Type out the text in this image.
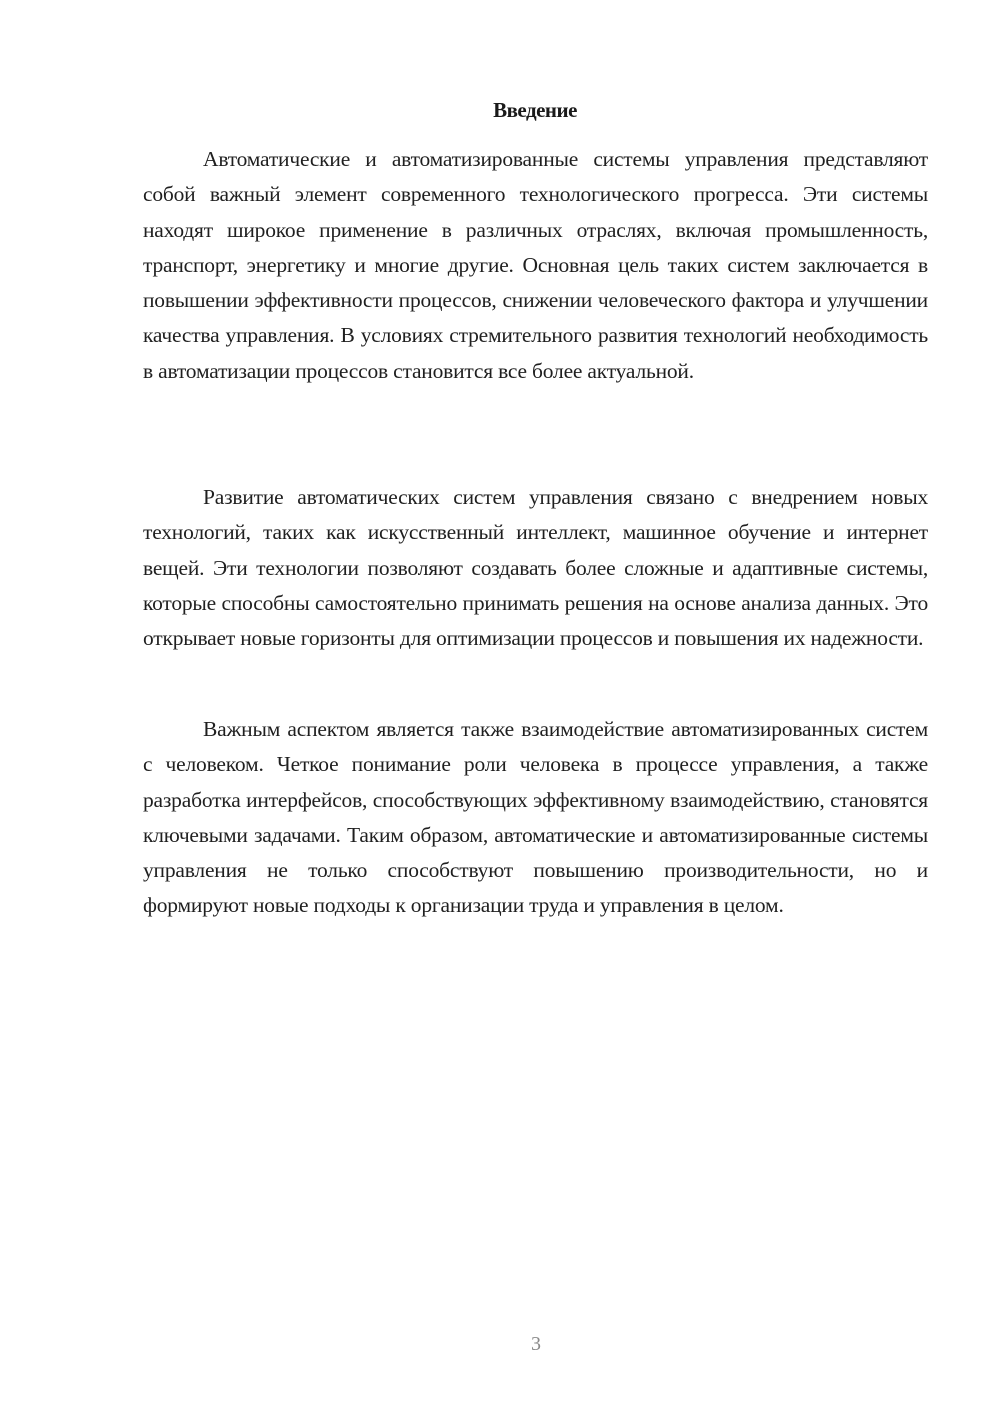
Введение

Автоматические и автоматизированные системы управления представляют собой важный элемент современного технологического прогресса. Эти системы находят широкое применение в различных отраслях, включая промышленность, транспорт, энергетику и многие другие. Основная цель таких систем заключается в повышении эффективности процессов, снижении человеческого фактора и улучшении качества управления. В условиях стремительного развития технологий необходимость в автоматизации процессов становится все более актуальной.

Развитие автоматических систем управления связано с внедрением новых технологий, таких как искусственный интеллект, машинное обучение и интернет вещей. Эти технологии позволяют создавать более сложные и адаптивные системы, которые способны самостоятельно принимать решения на основе анализа данных. Это открывает новые горизонты для оптимизации процессов и повышения их надежности.

Важным аспектом является также взаимодействие автоматизированных систем с человеком. Четкое понимание роли человека в процессе управления, а также разработка интерфейсов, способствующих эффективному взаимодействию, становятся ключевыми задачами. Таким образом, автоматические и автоматизированные системы управления не только способствуют повышению производительности, но и формируют новые подходы к организации труда и управления в целом.

3
